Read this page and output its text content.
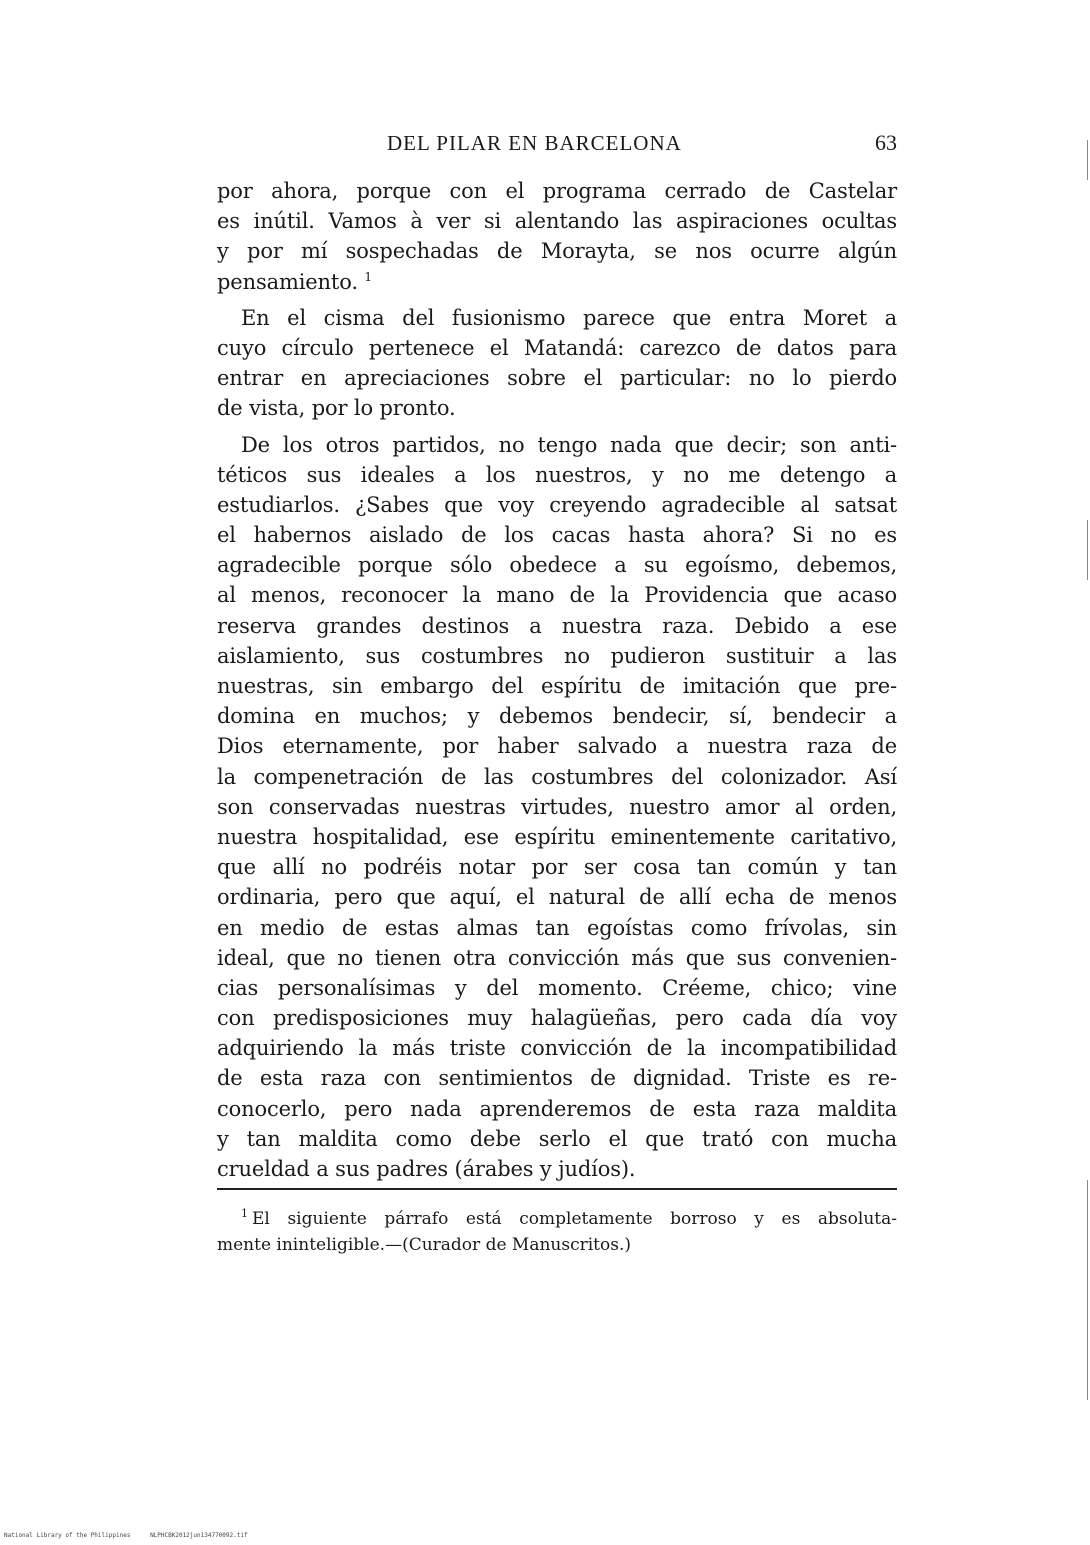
DEL PILAR EN BARCELONA	63
por ahora, porque con el programa cerrado de Castelar
es inútil. Vamos à ver si alentando las aspiraciones ocultas
y por mí sospechadas de Morayta, se nos ocurre algún
pensamiento. $^1$
En el cisma del fusionismo parece que entra Moret a
cuyo círculo pertenece el Matandá: carezco de datos para
entrar en apreciaciones sobre el particular: no lo pierdo
de vista, por lo pronto.
De los otros partidos, no tengo nada que decir; son anti-
téticos sus ideales a los nuestros, y no me detengo a
estudiarlos. ¿Sabes que voy creyendo agradecible al satsat
el habernos aislado de los cacas hasta ahora? Si no es
agradecible porque sólo obedece a su egoísmo, debemos,
al menos, reconocer la mano de la Providencia que acaso
reserva grandes destinos a nuestra raza. Debido a ese
aislamiento, sus costumbres no pudieron sustituir a las
nuestras, sin embargo del espíritu de imitación que pre-
domina en muchos; y debemos bendecir, sí, bendecir a
Dios eternamente, por haber salvado a nuestra raza de
la compenetración de las costumbres del colonizador. Así
son conservadas nuestras virtudes, nuestro amor al orden,
nuestra hospitalidad, ese espíritu eminentemente caritativo,
que allí no podréis notar por ser cosa tan común y tan
ordinaria, pero que aquí, el natural de allí echa de menos
en medio de estas almas tan egoístas como frívolas, sin
ideal, que no tienen otra convicción más que sus convenien-
cias personalísimas y del momento. Créeme, chico; vine
con predisposiciones muy halagüeñas, pero cada día voy
adquiriendo la más triste convicción de la incompatibilidad
de esta raza con sentimientos de dignidad. Triste es re-
conocerlo, pero nada aprenderemos de esta raza maldita
y tan maldita como debe serlo el que trató con mucha
crueldad a sus padres (árabes y judíos).
$^1$ El siguiente párrafo está completamente borroso y es absoluta-
mente ininteligible.—(Curador de Manuscritos.)
National Library of the Philippines	NLPHCBK2012jun134770092.tif
